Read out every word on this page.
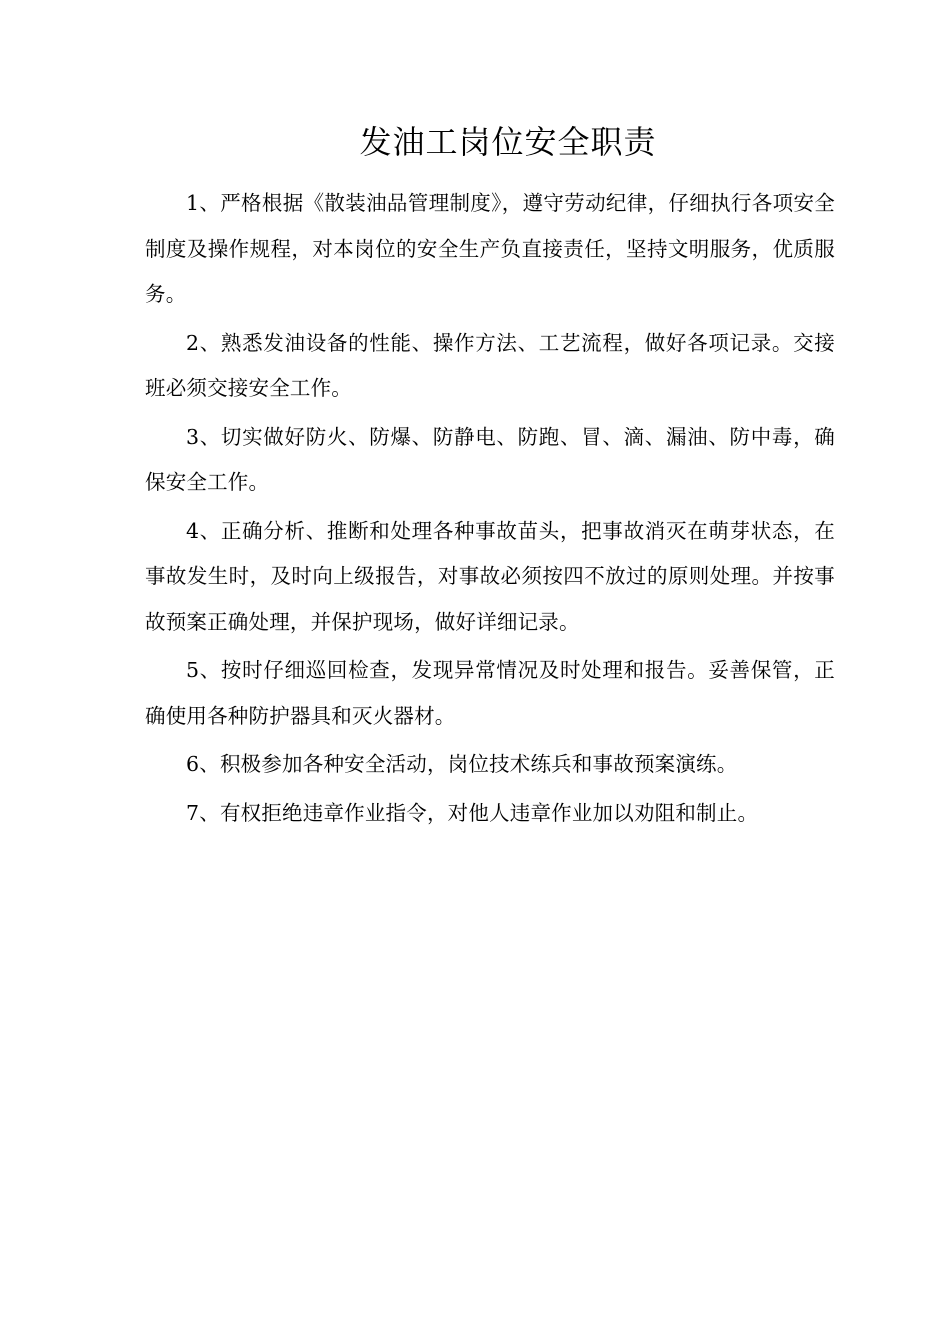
发油工岗位安全职责

1、严格根据《散装油品管理制度》，遵守劳动纪律，仔细执行各项安全制度及操作规程，对本岗位的安全生产负直接责任，坚持文明服务，优质服务。

2、熟悉发油设备的性能、操作方法、工艺流程，做好各项记录。交接班必须交接安全工作。

3、切实做好防火、防爆、防静电、防跑、冒、滴、漏油、防中毒，确保安全工作。

4、正确分析、推断和处理各种事故苗头，把事故消灭在萌芽状态，在事故发生时，及时向上级报告，对事故必须按四不放过的原则处理。并按事故预案正确处理，并保护现场，做好详细记录。

5、按时仔细巡回检查，发现异常情况及时处理和报告。妥善保管，正确使用各种防护器具和灭火器材。

6、积极参加各种安全活动，岗位技术练兵和事故预案演练。

7、有权拒绝违章作业指令，对他人违章作业加以劝阻和制止。
